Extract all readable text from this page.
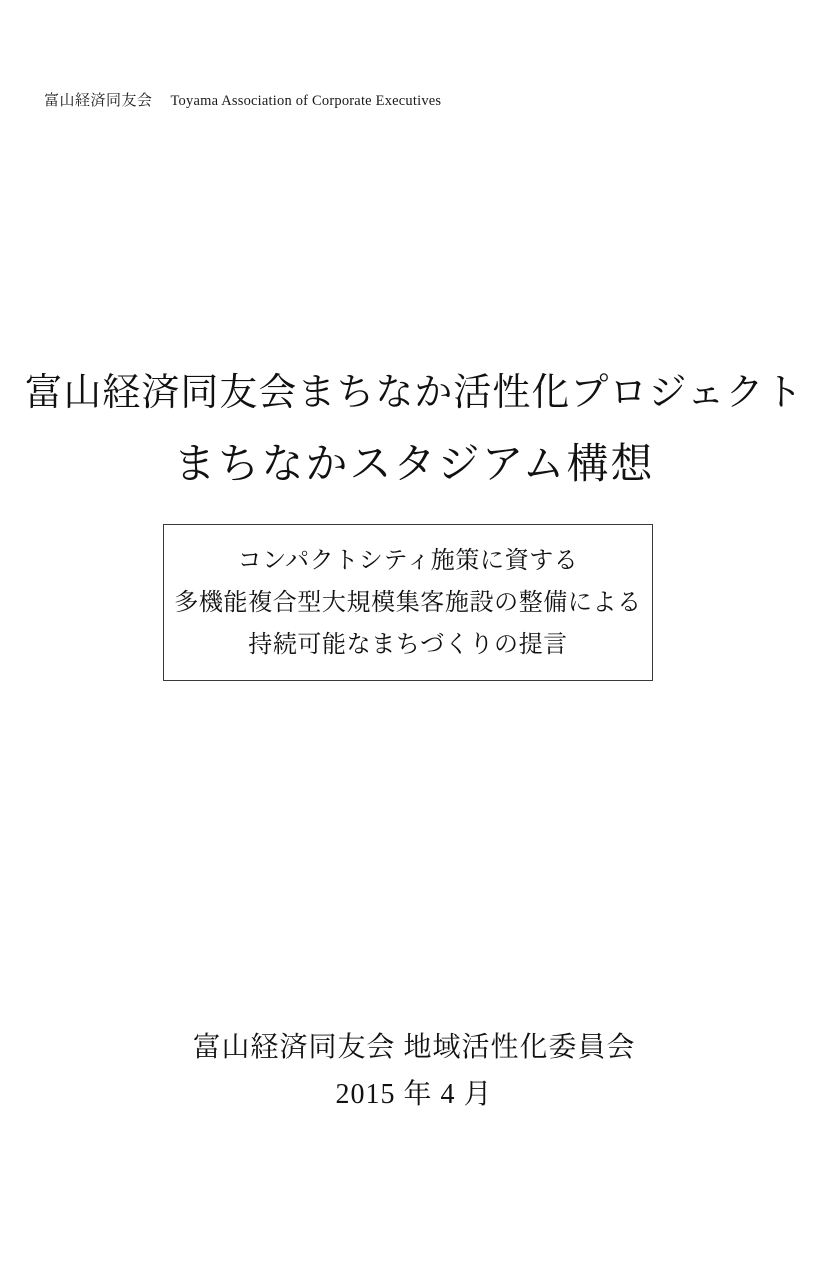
富山経済同友会 Toyama Association of Corporate Executives
富山経済同友会まちなか活性化プロジェクト
まちなかスタジアム構想
コンパクトシティ施策に資する
多機能複合型大規模集客施設の整備による
持続可能なまちづくりの提言
富山経済同友会 地域活性化委員会
2015 年 4 月
